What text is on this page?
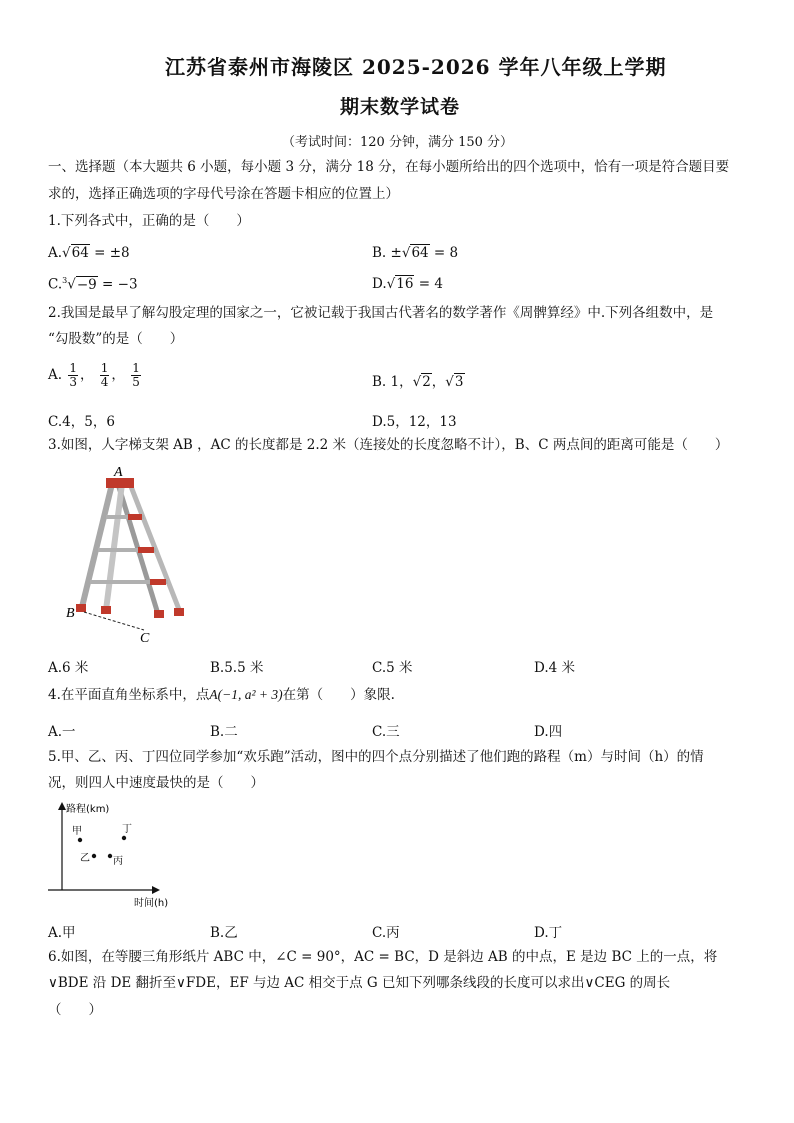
江苏省泰州市海陵区 2025-2026 学年八年级上学期
期末数学试卷
（考试时间：120 分钟，满分 150 分）
一、选择题（本大题共 6 小题，每小题 3 分，满分 18 分，在每小题所给出的四个选项中，恰有一项是符合题目要
求的，选择正确选项的字母代号涂在答题卡相应的位置上）
1.下列各式中，正确的是（　　）
A.√64 = ±8	B. ±√64 = 8
C.$^3$√−9 = −3	D.√16 = 4
2.我国是最早了解勾股定理的国家之一，它被记载于我国古代著名的数学著作《周髀算经》中.下列各组数中，是
“勾股数”的是（　　）
A. $\frac{1}{3}$ ， $\frac{1}{4}$ ， $\frac{1}{5}$	B. 1，√2，√3
C.4，5，6	D.5，12，13
3.如图，人字梯支架 AB ，AC 的长度都是 2.2 米（连接处的长度忽略不计），B、C 两点间的距离可能是（　　）
A
B
C
A.6 米	B.5.5 米	C.5 米	D.4 米
4.在平面直角坐标系中，点A(−1, a² + 3)在第（　　）象限.
A.一	B.二	C.三	D.四
5.甲、乙、丙、丁四位同学参加“欢乐跑”活动，图中的四个点分别描述了他们跑的路程（m）与时间（h）的情
况，则四人中速度最快的是（　　）
路程(km)
时间(h)
甲	丁
乙 丙
A.甲	B.乙	C.丙	D.丁
6.如图，在等腰三角形纸片 ABC 中，∠C = 90°，AC = BC，D 是斜边 AB 的中点，E 是边 BC 上的一点，将
∨BDE 沿 DE 翻折至∨FDE，EF 与边 AC 相交于点 G 已知下列哪条线段的长度可以求出∨CEG 的周长
（　　）
